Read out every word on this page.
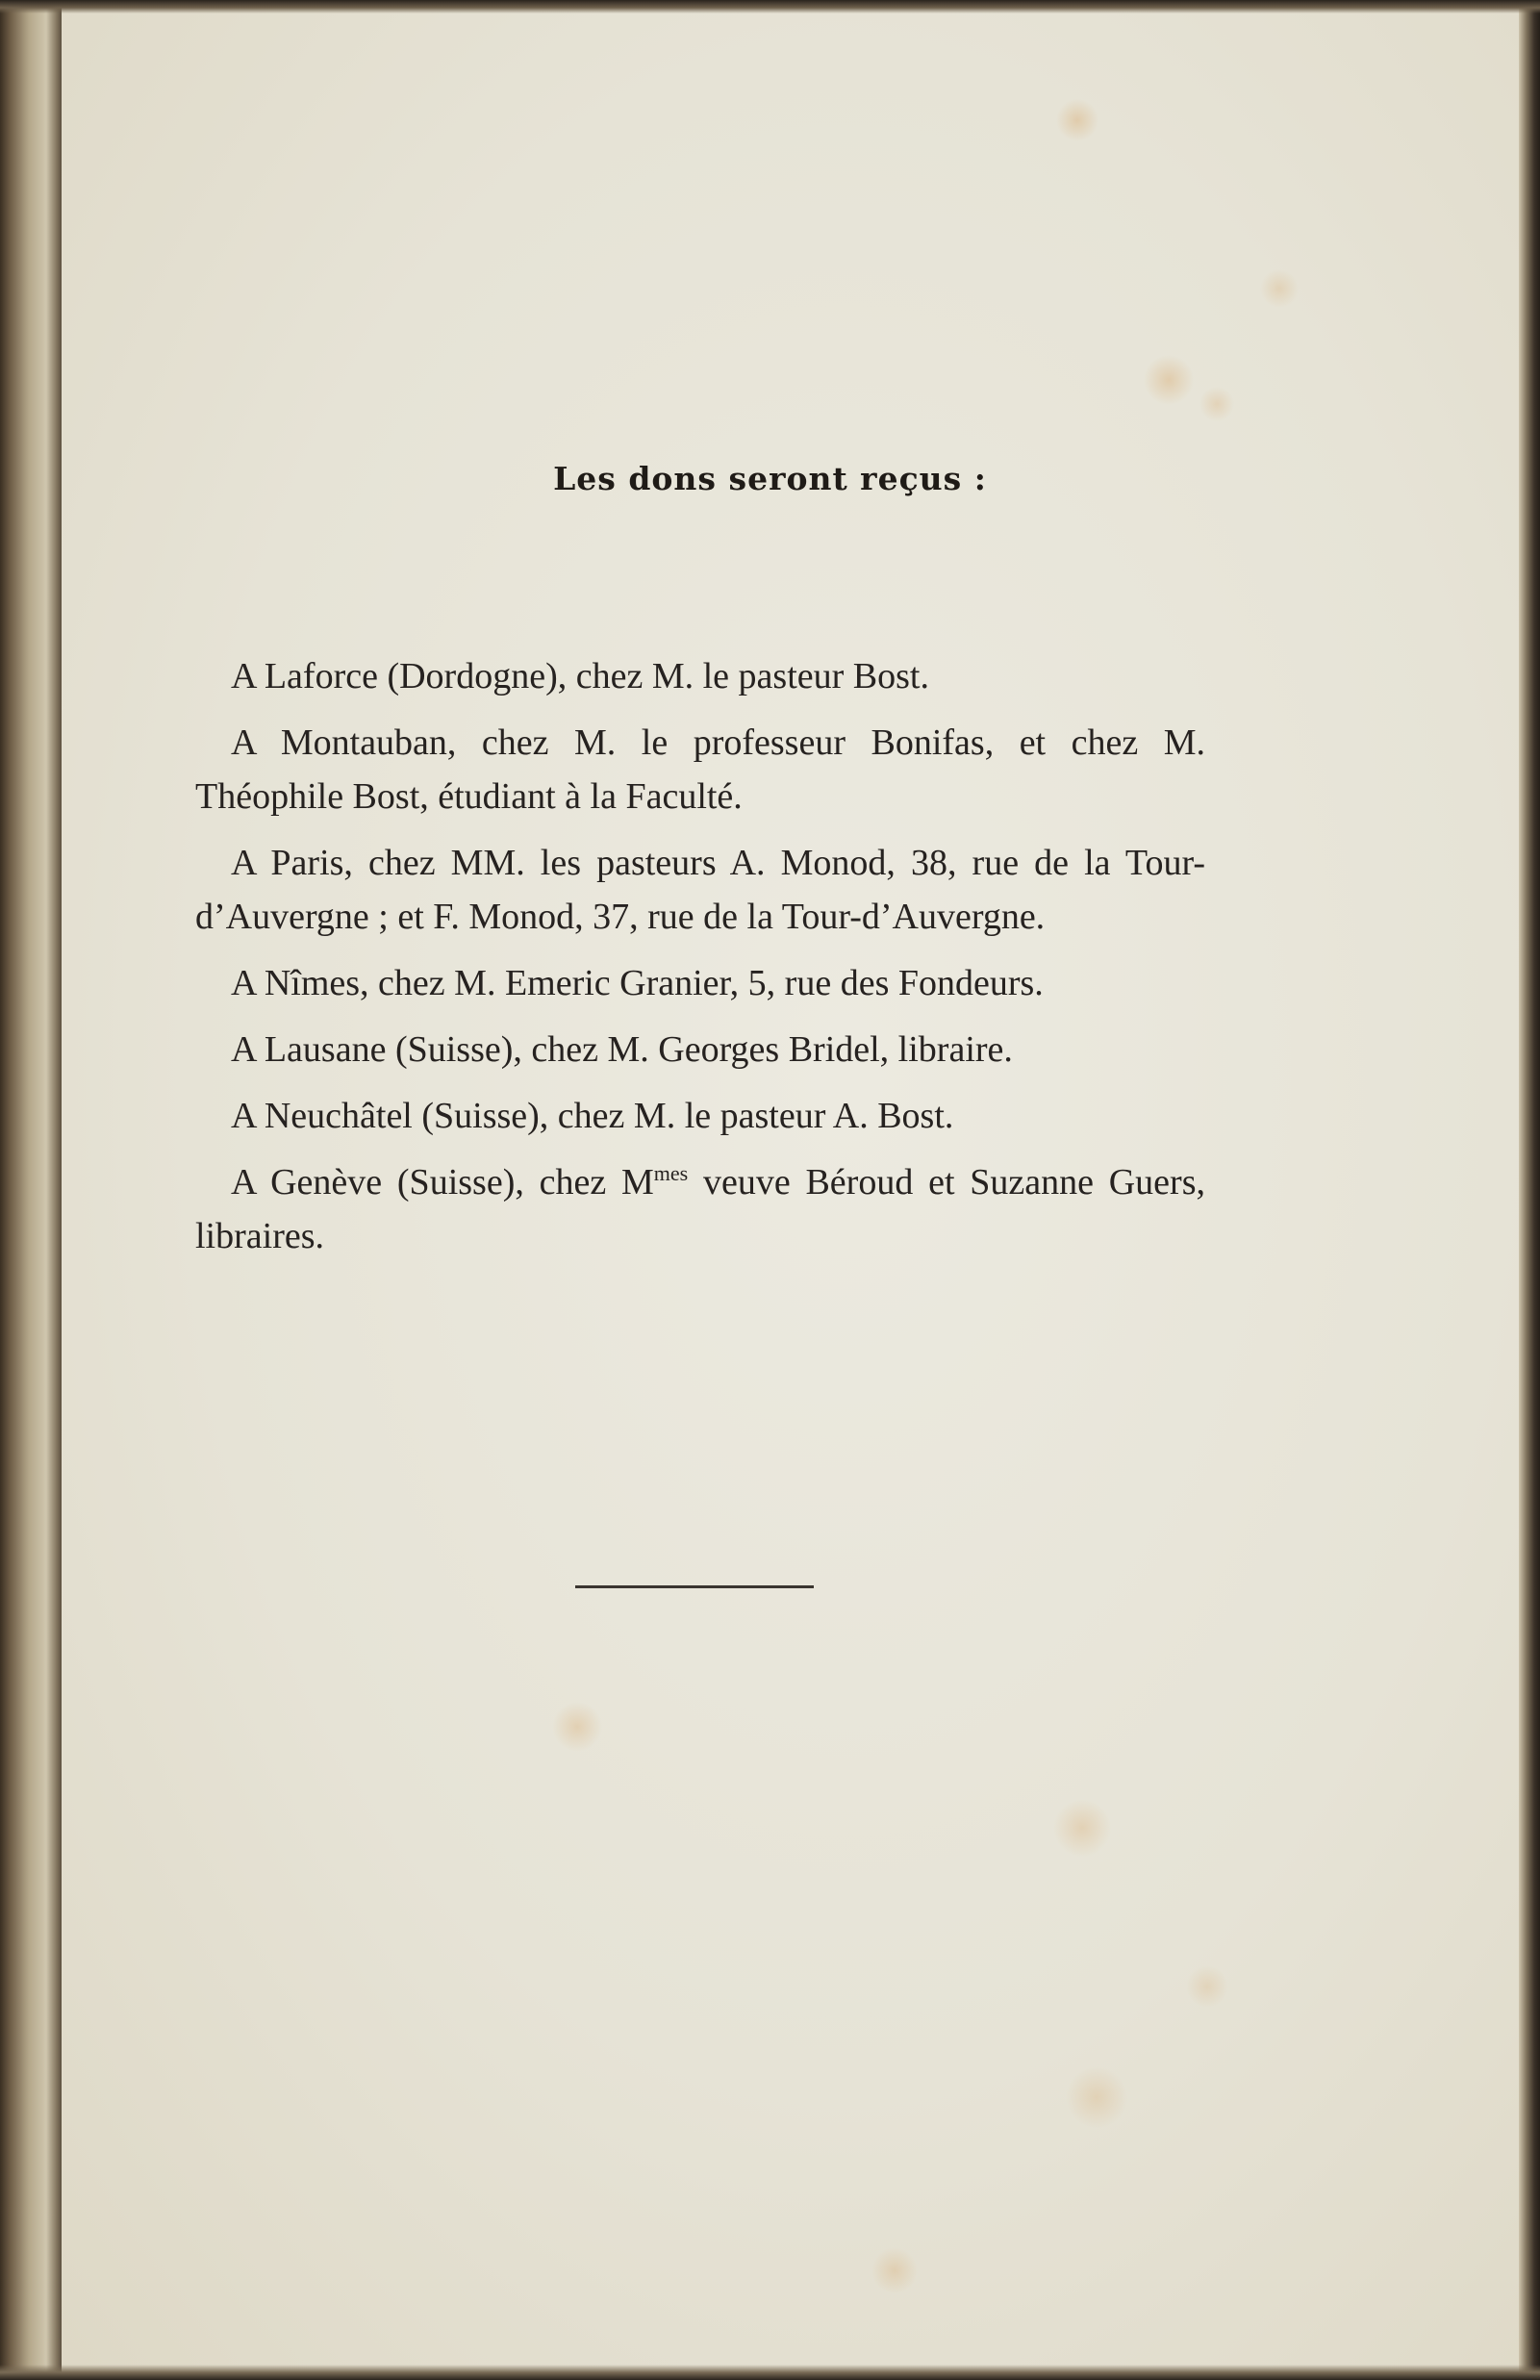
Les dons seront reçus :

A Laforce (Dordogne), chez M. le pasteur Bost.

A Montauban, chez M. le professeur Bonifas, et chez M. Théophile Bost, étudiant à la Faculté.

A Paris, chez MM. les pasteurs A. Monod, 38, rue de la Tour-d’Auvergne ; et F. Monod, 37, rue de la Tour-d’Auvergne.

A Nîmes, chez M. Emeric Granier, 5, rue des Fondeurs.

A Lausane (Suisse), chez M. Georges Bridel, libraire.

A Neuchâtel (Suisse), chez M. le pasteur A. Bost.

A Genève (Suisse), chez $M^{mes}$ veuve Béroud et Suzanne Guers, libraires.
